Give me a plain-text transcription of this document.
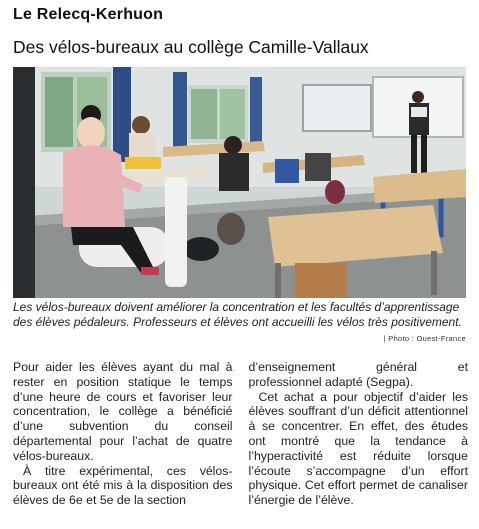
Le Relecq-Kerhuon
Des vélos-bureaux au collège Camille-Vallaux
Les vélos-bureaux doivent améliorer la concentration et les facultés d’apprentissage des élèves pédaleurs. Professeurs et élèves ont accueilli les vélos très positivement.
| Photo : Ouest-France

Pour aider les élèves ayant du mal à rester en position statique le temps d’une heure de cours et favoriser leur concentration, le collège a bénéficié d’une subvention du conseil départemental pour l’achat de quatre vélos-bureaux.

À titre expérimental, ces vélos-bureaux ont été mis à la disposition des élèves de 6e et 5e de la section

d’enseignement général et professionnel adapté (Segpa).

Cet achat a pour objectif d’aider les élèves souffrant d’un déficit attentionnel à se concentrer. En effet, des études ont montré que la tendance à l’hyperactivité est réduite lorsque l’écoute s’accompagne d’un effort physique. Cet effort permet de canaliser l’énergie de l’élève.
